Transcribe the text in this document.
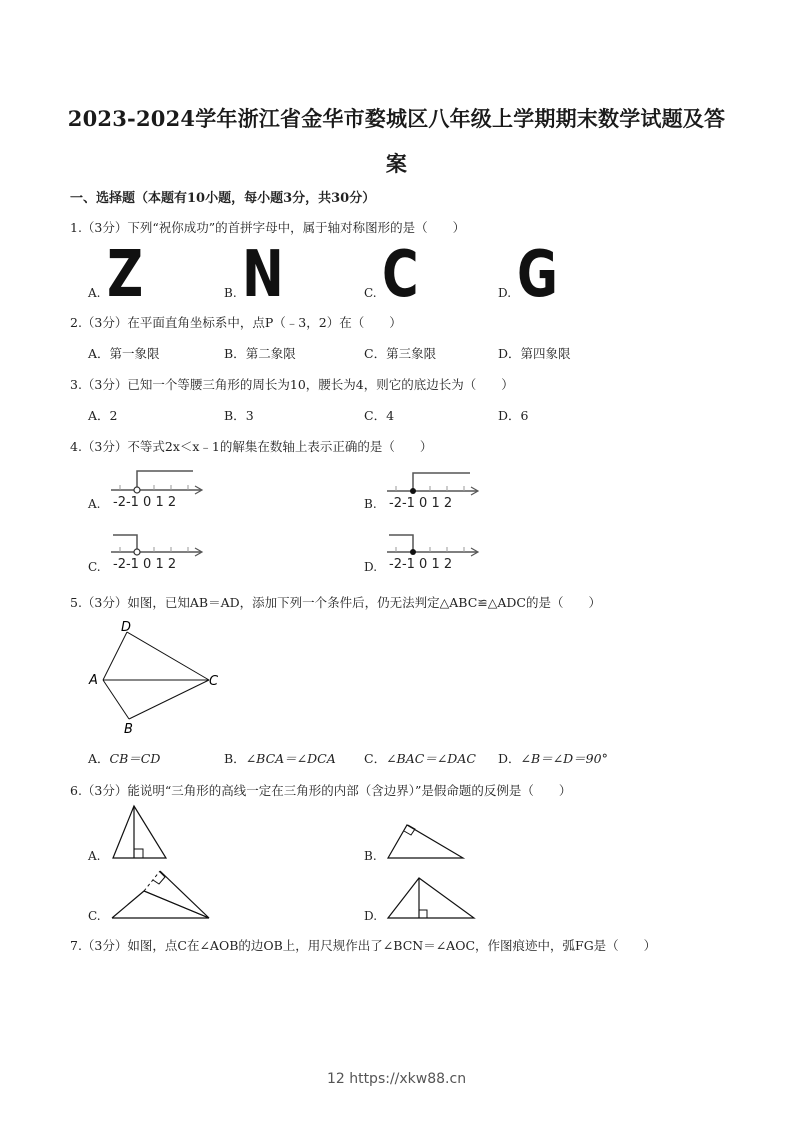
2023-2024学年浙江省金华市婺城区八年级上学期期末数学试题及答
案
一、选择题（本题有10小题，每小题3分，共30分）
1.（3分）下列“祝你成功”的首拼字母中，属于轴对称图形的是（　　）
A. Z	B. N	C. C	D. G
2.（3分）在平面直角坐标系中，点P（﹣3，2）在（　　）
A．第一象限	B．第二象限	C．第三象限	D．第四象限
3.（3分）已知一个等腰三角形的周长为10，腰长为4，则它的底边长为（　　）
A．2	B．3	C．4	D．6
4.（3分）不等式2x＜x﹣1的解集在数轴上表示正确的是（　　）
A. -2-1 0 1 2	B. -2-1 0 1 2
C. -2-1 0 1 2	D. -2-1 0 1 2
5.（3分）如图，已知AB＝AD，添加下列一个条件后，仍无法判定△ABC≌△ADC的是（　　）
D
A	C
B
A．CB＝CD	B．∠BCA＝∠DCA C．∠BAC＝∠DAC D．∠B＝∠D＝90°
6.（3分）能说明“三角形的高线一定在三角形的内部（含边界）”是假命题的反例是（　　）
A.	B.
C.	D.
7.（3分）如图，点C在∠AOB的边OB上，用尺规作出了∠BCN＝∠AOC，作图痕迹中，弧FG是（　　）
12 https://xkw88.cn
